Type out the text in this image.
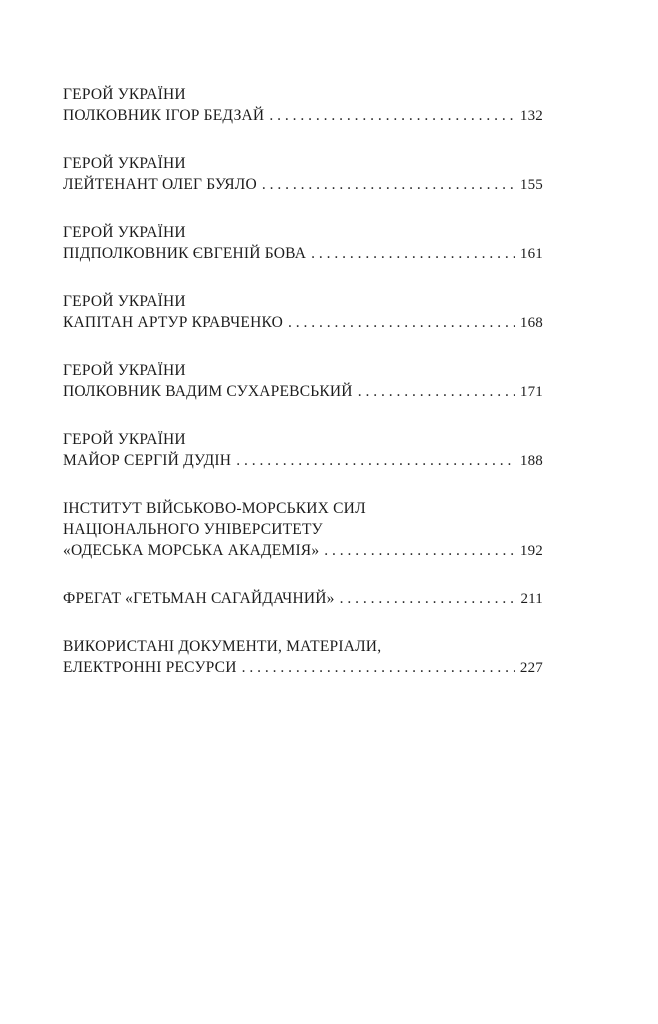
ГЕРОЙ УКРАЇНИ
ПОЛКОВНИК ІГОР БЕДЗАЙ . . .	132
ГЕРОЙ УКРАЇНИ
ЛЕЙТЕНАНТ ОЛЕГ БУЯЛО . . .	155
ГЕРОЙ УКРАЇНИ
ПІДПОЛКОВНИК ЄВГЕНІЙ БОВА . . .	161
ГЕРОЙ УКРАЇНИ
КАПІТАН АРТУР КРАВЧЕНКО . . .	168
ГЕРОЙ УКРАЇНИ
ПОЛКОВНИК ВАДИМ СУХАРЕВСЬКИЙ . . .	171
ГЕРОЙ УКРАЇНИ
МАЙОР СЕРГІЙ ДУДІН . . .	188
ІНСТИТУТ ВІЙСЬКОВО-МОРСЬКИХ СИЛ
НАЦІОНАЛЬНОГО УНІВЕРСИТЕТУ
«ОДЕСЬКА МОРСЬКА АКАДЕМІЯ» . . .	192
ФРЕГАТ «ГЕТЬМАН САГАЙДАЧНИЙ» . . .	211
ВИКОРИСТАНІ ДОКУМЕНТИ, МАТЕРІАЛИ,
ЕЛЕКТРОННІ РЕСУРСИ . . .	227
